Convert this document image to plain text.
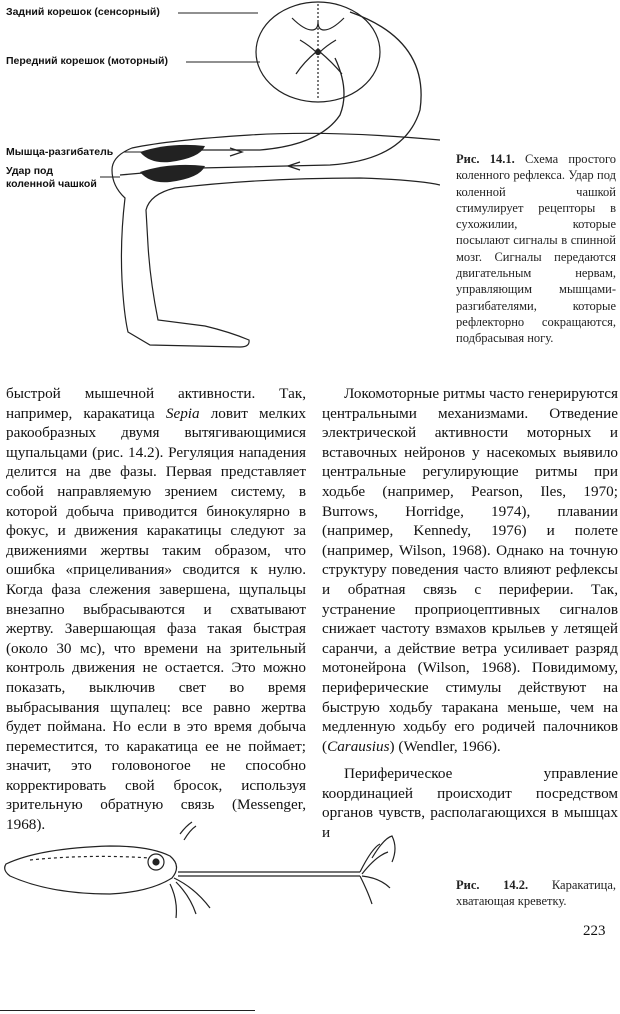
Задний корешок (сенсорный)
Передний корешок (моторный)
Мышца-разгибатель
Удар под
коленной чашкой
Рис. 14.1. Схема простого коленного рефлекса. Удар под коленной чашкой стимулирует рецепторы в сухожилии, которые посылают сигналы в спинной мозг. Сигналы передаются двигательным нервам, управляющим мышцами-разгибателями, которые рефлекторно сокращаются, подбрасывая ногу.

быстрой мышечной активности. Так, например, каракатица Sepia ловит мелких ракообразных двумя вытягивающимися щупальцами (рис. 14.2). Регуляция нападения делится на две фазы. Первая представляет собой направляемую зрением систему, в которой добыча приводится бинокулярно в фокус, и движения каракатицы следуют за движениями жертвы таким образом, что ошибка «прицеливания» сводится к нулю. Когда фаза слежения завершена, щупальцы внезапно выбрасываются и схватывают жертву. Завершающая фаза такая быстрая (около 30 мс), что времени на зрительный контроль движения не остается. Это можно показать, выключив свет во время выбрасывания щупалец: все равно жертва будет поймана. Но если в это время добыча переместится, то каракатица ее не поймает; значит, это головоногое не способно корректировать свой бросок, используя зрительную обратную связь (Messenger, 1968).

Локомоторные ритмы часто генерируются центральными механизмами. Отведение электрической активности моторных и вставочных нейронов у насекомых выявило центральные регулирующие ритмы при ходьбе (например, Pearson, Iles, 1970; Burrows, Horridge, 1974), плавании (например, Kennedy, 1976) и полете (например, Wilson, 1968). Однако на точную структуру поведения часто влияют рефлексы и обратная связь с периферии. Так, устранение проприоцептивных сигналов снижает частоту взмахов крыльев у летящей саранчи, а действие ветра усиливает разряд мотонейрона (Wilson, 1968). Повидимому, периферические стимулы действуют на быструю ходьбу таракана меньше, чем на медленную ходьбу его родичей палочников (Carausius) (Wendler, 1966).

Периферическое управление координацией происходит посредством органов чувств, располагающихся в мышцах и

Рис. 14.2. Каракатица, хватающая креветку.
223
